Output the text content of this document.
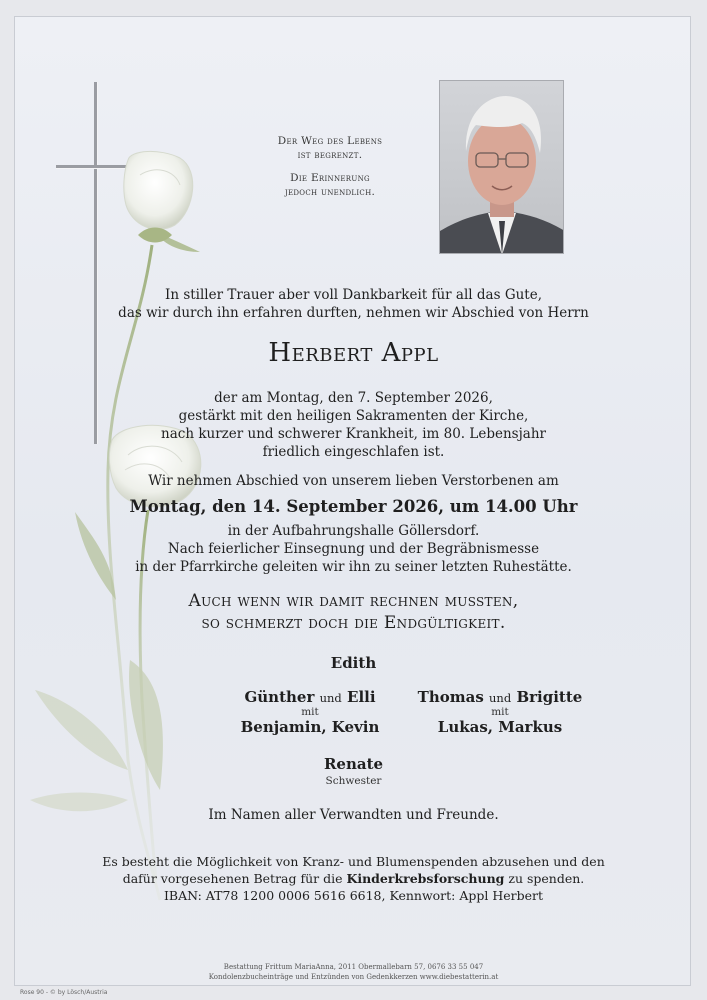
Der Weg des Lebens
ist begrenzt.
Die Erinnerung
jedoch unendlich.
In stiller Trauer aber voll Dankbarkeit für all das Gute,
das wir durch ihn erfahren durften, nehmen wir Abschied von Herrn
Herbert Appl
der am Montag, den 7. September 2026,
gestärkt mit den heiligen Sakramenten der Kirche,
nach kurzer und schwerer Krankheit, im 80. Lebensjahr
friedlich eingeschlafen ist.
Wir nehmen Abschied von unserem lieben Verstorbenen am
Montag, den 14. September 2026, um 14.00 Uhr
in der Aufbahrungshalle Göllersdorf.
Nach feierlicher Einsegnung und der Begräbnismesse
in der Pfarrkirche geleiten wir ihn zu seiner letzten Ruhestätte.
Auch wenn wir damit rechnen mussten,
so schmerzt doch die Endgültigkeit.
Edith
Günther und Elli
mit
Benjamin, Kevin
Thomas und Brigitte
mit
Lukas, Markus
Renate
Schwester
Im Namen aller Verwandten und Freunde.
Es besteht die Möglichkeit von Kranz- und Blumenspenden abzusehen und den
dafür vorgesehenen Betrag für die Kinderkrebsforschung zu spenden.
IBAN: AT78 1200 0006 5616 6618, Kennwort: Appl Herbert
Bestattung Frittum MariaAnna, 2011 Obermallebarn 57, 0676 33 55 047
Kondolenzbucheinträge und Entzünden von Gedenkkerzen www.diebestatterin.at
Rose 90 - © by Lösch/Austria
